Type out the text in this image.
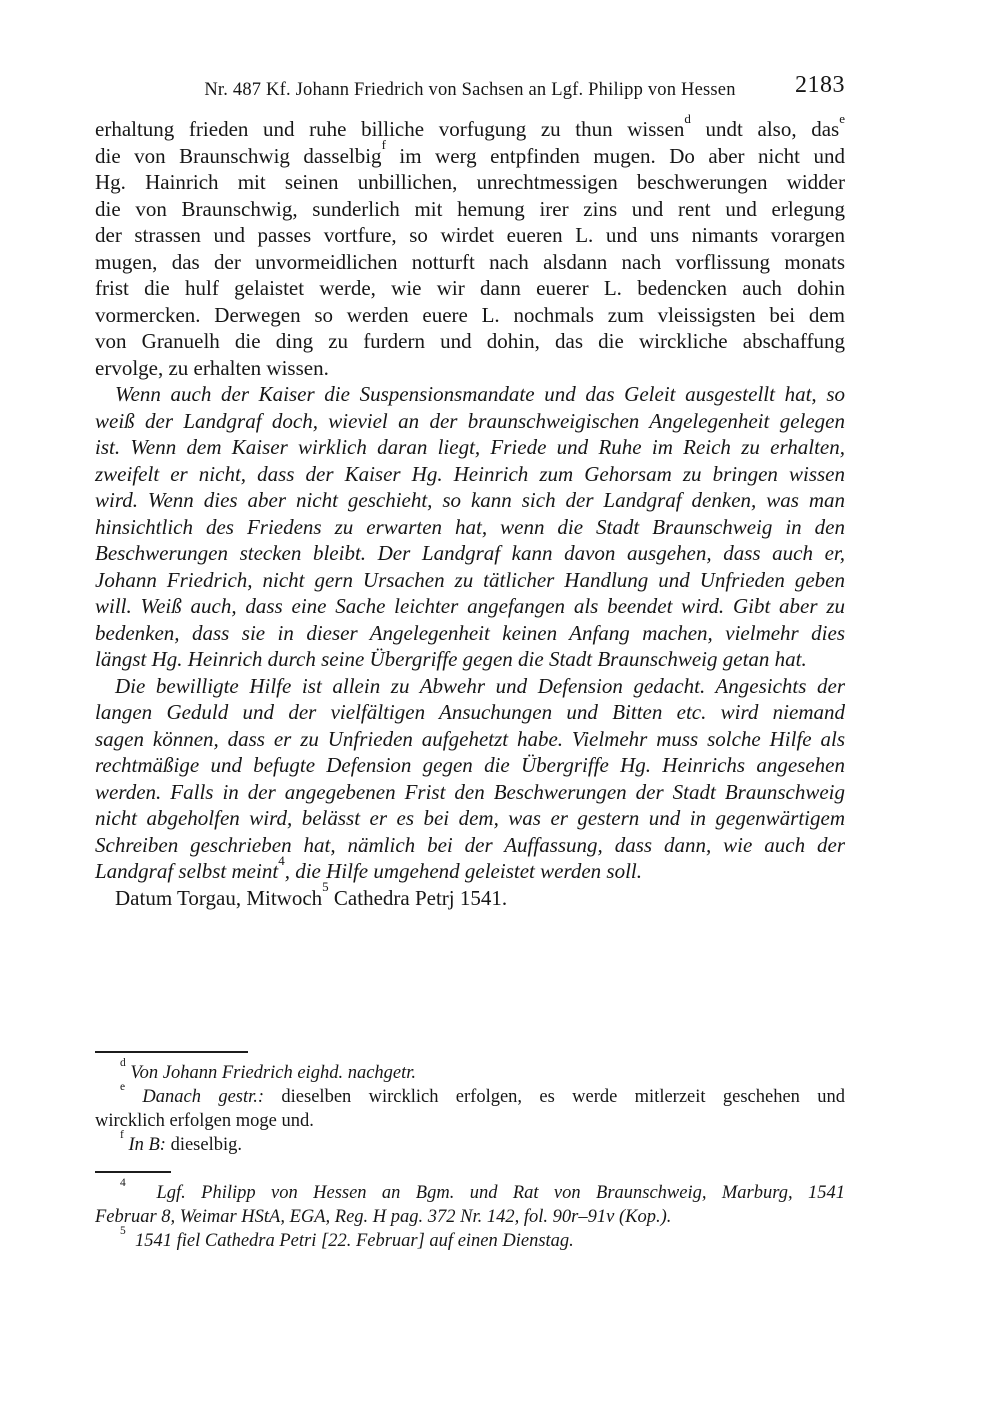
Nr. 487 Kf. Johann Friedrich von Sachsen an Lgf. Philipp von Hessen 2183
erhaltung frieden und ruhe billiche vorfugung zu thun wissen$^d$ undt also, das$^e$
die von Braunschwig dasselbig$^f$ im werg entpfinden mugen. Do aber nicht und
Hg. Hainrich mit seinen unbillichen, unrechtmessigen beschwerungen widder
die von Braunschwig, sunderlich mit hemung irer zins und rent und erlegung
der strassen und passes vortfure, so wirdet eueren L. und uns nimants vorargen
mugen, das der unvormeidlichen notturft nach alsdann nach vorflissung monats
frist die hulf gelaistet werde, wie wir dann euerer L. bedencken auch dohin
vormercken. Derwegen so werden euere L. nochmals zum vleissigsten bei dem
von Granuelh die ding zu furdern und dohin, das die wirckliche abschaffung
ervolge, zu erhalten wissen.
Wenn auch der Kaiser die Suspensionsmandate und das Geleit ausgestellt hat, so
weiß der Landgraf doch, wieviel an der braunschweigischen Angelegenheit gelegen
ist. Wenn dem Kaiser wirklich daran liegt, Friede und Ruhe im Reich zu erhalten,
zweifelt er nicht, dass der Kaiser Hg. Heinrich zum Gehorsam zu bringen wissen
wird. Wenn dies aber nicht geschieht, so kann sich der Landgraf denken, was man
hinsichtlich des Friedens zu erwarten hat, wenn die Stadt Braunschweig in den
Beschwerungen stecken bleibt. Der Landgraf kann davon ausgehen, dass auch er,
Johann Friedrich, nicht gern Ursachen zu tätlicher Handlung und Unfrieden geben
will. Weiß auch, dass eine Sache leichter angefangen als beendet wird. Gibt aber zu
bedenken, dass sie in dieser Angelegenheit keinen Anfang machen, vielmehr dies
längst Hg. Heinrich durch seine Übergriffe gegen die Stadt Braunschweig getan hat.
Die bewilligte Hilfe ist allein zu Abwehr und Defension gedacht. Angesichts der
langen Geduld und der vielfältigen Ansuchungen und Bitten etc. wird niemand
sagen können, dass er zu Unfrieden aufgehetzt habe. Vielmehr muss solche Hilfe als
rechtmäßige und befugte Defension gegen die Übergriffe Hg. Heinrichs angesehen
werden. Falls in der angegebenen Frist den Beschwerungen der Stadt Braunschweig
nicht abgeholfen wird, belässt er es bei dem, was er gestern und in gegenwärtigem
Schreiben geschrieben hat, nämlich bei der Auffassung, dass dann, wie auch der
Landgraf selbst meint$^4$, die Hilfe umgehend geleistet werden soll.
Datum Torgau, Mitwoch$^5$ Cathedra Petrj 1541.
$^d$ Von Johann Friedrich eighd. nachgetr.
$^e$ Danach gestr.: dieselben wircklich erfolgen, es werde mitlerzeit geschehen und
wircklich erfolgen moge und.
$^f$ In B: dieselbig.
$^4$  Lgf. Philipp von Hessen an Bgm. und Rat von Braunschweig, Marburg, 1541
Februar 8, Weimar HStA, EGA, Reg. H pag. 372 Nr. 142, fol. 90r–91v (Kop.).
$^5$  1541 fiel Cathedra Petri [22. Februar] auf einen Dienstag.
